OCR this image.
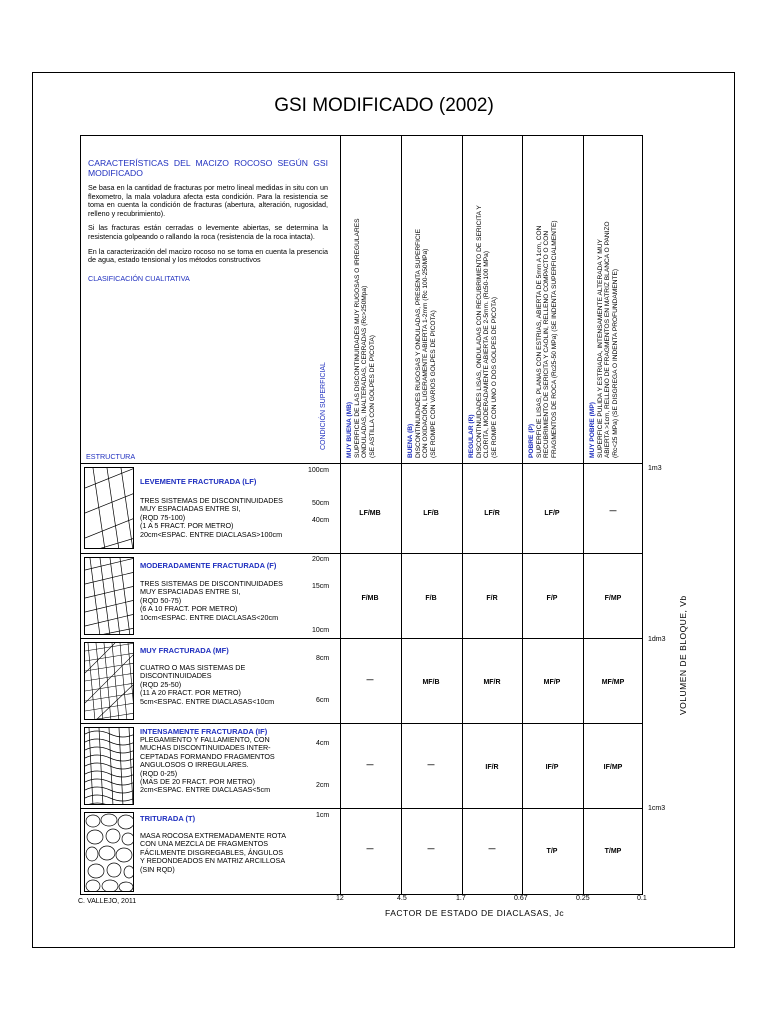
GSI MODIFICADO (2002)

CARACTERÍSTICAS DEL MACIZO ROCOSO SEGÚN GSI MODIFICADO

Se basa en la cantidad de fracturas por metro lineal medidas in situ con un flexometro, la mala voladura afecta esta condición. Para la resistencia se toma en cuenta la condición de fracturas (abertura, alteración, rugosidad, relleno y recubrimiento).

Si las fracturas están cerradas o levemente abiertas, se determina la resistencia golpeando o rallando la roca (resistencia de la roca intacta).

En la caracterización del macizo rocoso no se toma en cuenta la presencia de agua, estado tensional y los métodos constructivos

CLASIFICACIÓN CUALITATIVA

ESTRUCTURA
CONDICIÓN SUPERFICIAL	MUY BUENA (MB) SUPERFICIE DE LAS DISCONTINUIDADES MUY RUGOSAS O IRREGULARES ONDULADAS, INALTERADAS, CERRADAS (Rc>250Mpa) (SE ASTILLA CON GOLPES DE PICOTA)	BUENA (B) DISCONTINUIDADES RUGOSAS Y ONDULADAS, PRESENTA SUPERFICIE CON OXIDACIÓN, LIGERAMENTE ABIERTA 1-2mm (Rc 100-250MPa) (SE ROMPE CON VARIOS GOLPES DE PICOTA)	REGULAR (R) DISCONTINUIDADES LISAS, ONDULADAS CON RECUBRIMIENTO DE SERICITA Y CLORITA, MODERADAMENTE ABIERTA DE 2-5mm. (Rc50-100 MPa) (SE ROMPE CON UNO O DOS GOLPES DE PICOTA)	POBRE (P) SUPERFICIE LISAS, PLANAS CON ESTRIAS, ABIERTA DE 5mm A 1cm, CON RECUBRIMIENTO DE SERICITA Y CAOLIN, RELLENO COMPACTO O CON FRAGMENTOS DE ROCA (Rc25-50 MPa) (SE INDENTA SUPERFICIALMENTE)	MUY POBRE (MP) SUPERFICIE PULIDA Y ESTRIADA, INTENSAMENTE ALTERADA Y MUY ABIERTA >1cm, RELLENO DE FRAGMENTOS EN MATRIZ BLANCA O PANIZO (Rc<25 MPa) (SE DISGREGA O INDENTA PROFUNDAMENTE)
LEVEMENTE FRACTURADA (LF)
TRES SISTEMAS DE DISCONTINUIDADES
MUY ESPACIADAS ENTRE SI,
(RQD 75-100)
(1 A 5 FRACT. POR METRO)
20cm<ESPAC. ENTRE DIACLASAS>100cm
MODERADAMENTE FRACTURADA (F)
TRES SISTEMAS DE DISCONTINUIDADES
MUY ESPACIADAS ENTRE SI,
(RQD 50-75)
(6 A 10 FRACT. POR METRO)
10cm<ESPAC. ENTRE DIACLASAS<20cm
MUY FRACTURADA (MF)
CUATRO O MAS SISTEMAS DE
DISCONTINUIDADES
(RQD 25-50)
(11 A 20 FRACT. POR METRO)
5cm<ESPAC. ENTRE DIACLASAS<10cm
INTENSAMENTE FRACTURADA (IF)
PLEGAMIENTO Y FALLAMIENTO, CON
MUCHAS DISCONTINUIDADES INTER-
CEPTADAS FORMANDO FRAGMENTOS
ANGULOSOS O IRREGULARES.
(RQD 0-25)
(MAS DE 20 FRACT. POR METRO)
2cm<ESPAC. ENTRE DIACLASAS<5cm
TRITURADA (T)
MASA ROCOSA EXTREMADAMENTE ROTA
CON UNA MEZCLA DE FRAGMENTOS
FÁCILMENTE DISGREGABLES, ÁNGULOS
Y REDONDEADOS EN MATRIZ ARCILLOSA
(SIN RQD)
100cm
50cm
40cm
20cm
15cm
10cm
8cm
6cm
4cm
2cm
1cm
LF/MB	LF/B	LF/R	LF/P	—
F/MB	F/B	F/R	F/P	F/MP
—	MF/B	MF/R	MF/P	MF/MP
—	—	IF/R	IF/P	IF/MP
—	—	—	T/P	T/MP
1m3
1dm3
1cm3
VOLUMEN DE BLOQUE, Vb
12	4.5	1.7	0.67	0.25	0.1
FACTOR DE ESTADO DE DIACLASAS, Jc
C. VALLEJO, 2011
